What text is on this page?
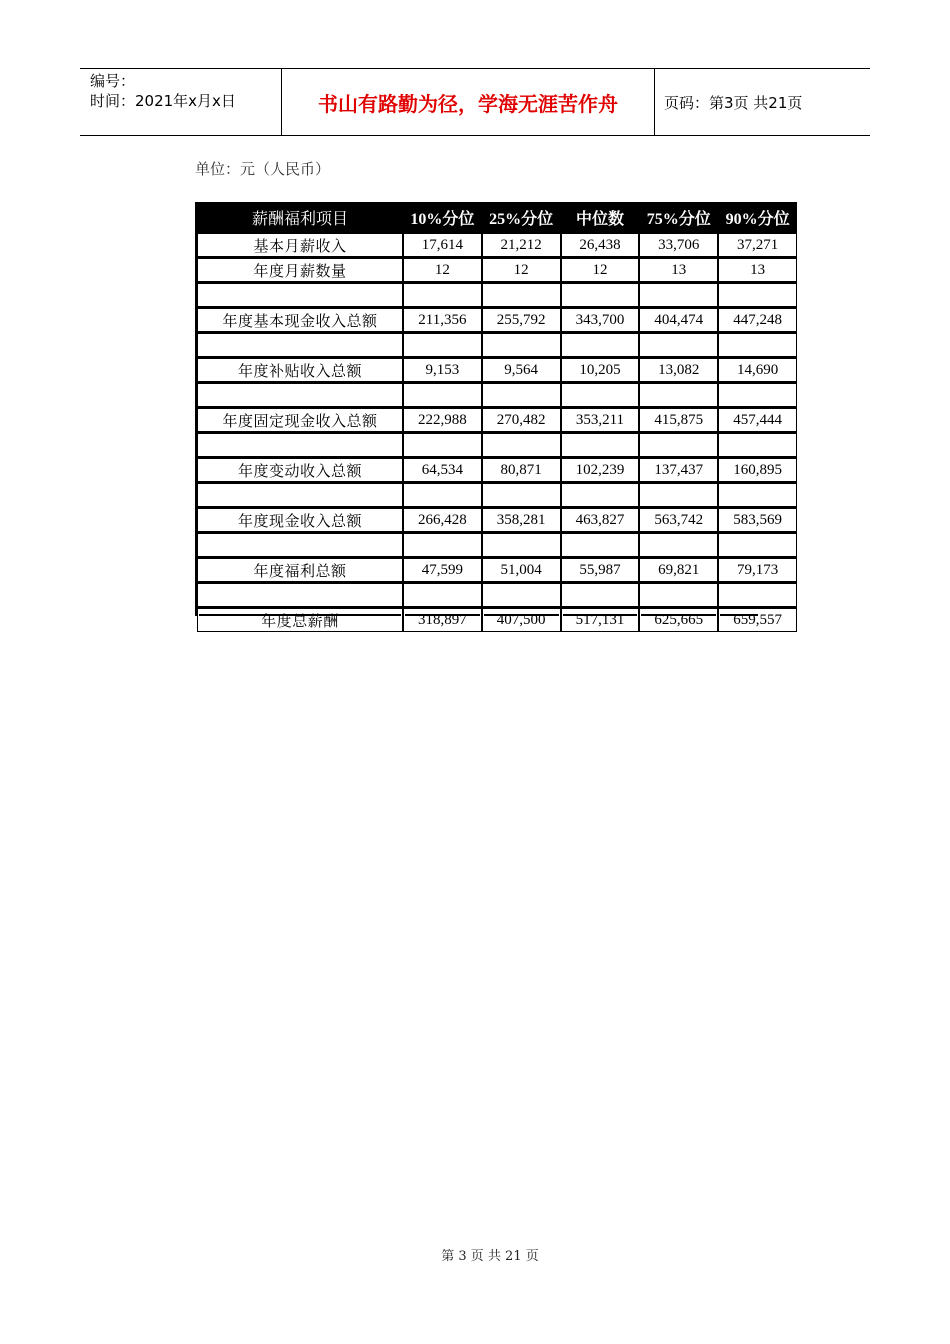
编号：
时间：2021年x月x日	书山有路勤为径，学海无涯苦作舟	页码：第3页 共21页
单位：元（人民币）
薪酬福利项目	10%分位	25%分位	中位数	75%分位	90%分位
基本月薪收入	17,614	21,212	26,438	33,706	37,271
年度月薪数量	12	12	12	13	13

年度基本现金收入总额	211,356	255,792	343,700	404,474	447,248

年度补贴收入总额	9,153	9,564	10,205	13,082	14,690

年度固定现金收入总额	222,988	270,482	353,211	415,875	457,444

年度变动收入总额	64,534	80,871	102,239	137,437	160,895

年度现金收入总额	266,428	358,281	463,827	563,742	583,569

年度福利总额	47,599	51,004	55,987	69,821	79,173

年度总薪酬	318,897	407,500	517,131	625,665	659,557
第 3 页 共 21 页
